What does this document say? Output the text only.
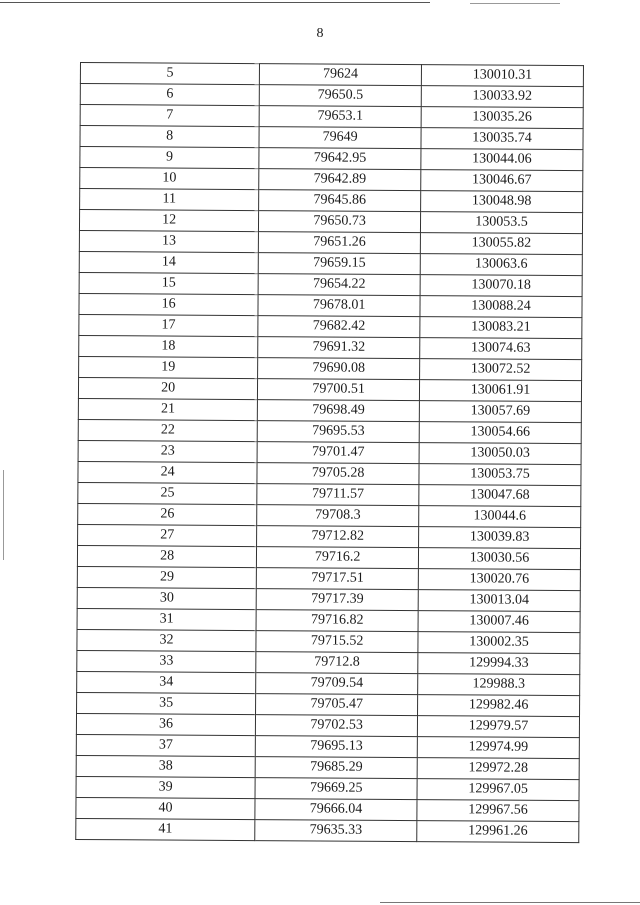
8
5	79624	130010.31
6	79650.5	130033.92
7	79653.1	130035.26
8	79649	130035.74
9	79642.95	130044.06
10	79642.89	130046.67
11	79645.86	130048.98
12	79650.73	130053.5
13	79651.26	130055.82
14	79659.15	130063.6
15	79654.22	130070.18
16	79678.01	130088.24
17	79682.42	130083.21
18	79691.32	130074.63
19	79690.08	130072.52
20	79700.51	130061.91
21	79698.49	130057.69
22	79695.53	130054.66
23	79701.47	130050.03
24	79705.28	130053.75
25	79711.57	130047.68
26	79708.3	130044.6
27	79712.82	130039.83
28	79716.2	130030.56
29	79717.51	130020.76
30	79717.39	130013.04
31	79716.82	130007.46
32	79715.52	130002.35
33	79712.8	129994.33
34	79709.54	129988.3
35	79705.47	129982.46
36	79702.53	129979.57
37	79695.13	129974.99
38	79685.29	129972.28
39	79669.25	129967.05
40	79666.04	129967.56
41	79635.33	129961.26
